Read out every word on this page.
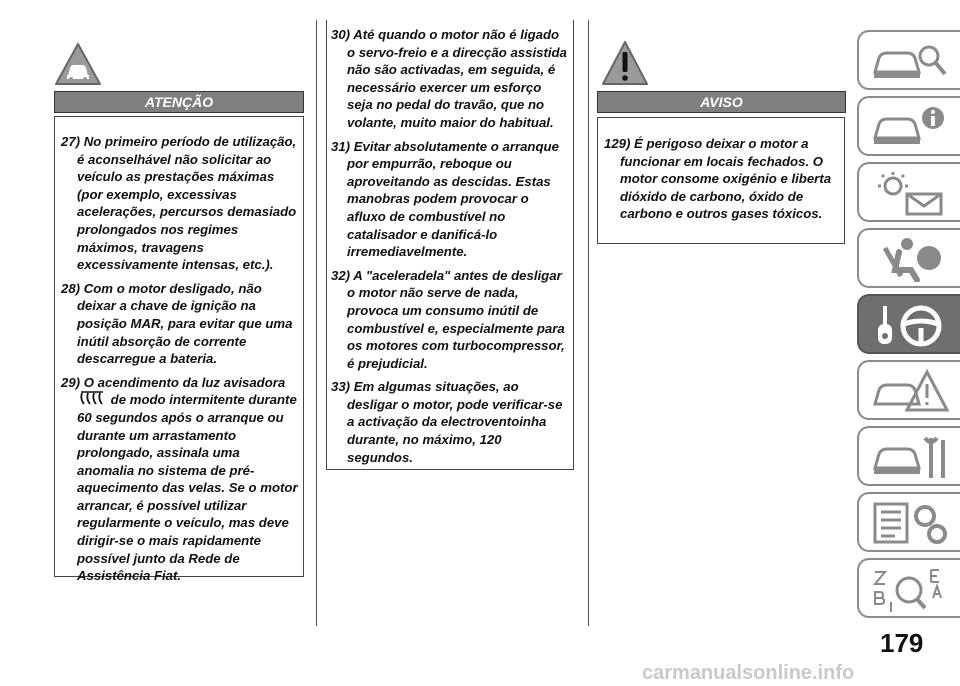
ATENÇÃO
27) No primeiro período de utilização, é aconselhável não solicitar ao veículo as prestações máximas (por exemplo, excessivas acelerações, percursos demasiado prolongados nos regimes máximos, travagens excessivamente intensas, etc.).
28) Com o motor desligado, não deixar a chave de ignição na posição MAR, para evitar que uma inútil absorção de corrente descarregue a bateria.
29) O acendimento da luz avisadora
de modo intermitente durante 60 segundos após o arranque ou durante um arrastamento prolongado, assinala uma anomalia no sistema de pré-aquecimento das velas. Se o motor arrancar, é possível utilizar regularmente o veículo, mas deve dirigir-se o mais rapidamente possível junto da Rede de Assistência Fiat.
30) Até quando o motor não é ligado o servo-freio e a direcção assistida não são activadas, em seguida, é necessário exercer um esforço seja no pedal do travão, que no volante, muito maior do habitual.
31) Evitar absolutamente o arranque por empurrão, reboque ou aproveitando as descidas. Estas manobras podem provocar o afluxo de combustível no catalisador e danificá-lo irremediavelmente.
32) A "aceleradela" antes de desligar o motor não serve de nada, provoca um consumo inútil de combustível e, especialmente para os motores com turbocompressor, é prejudicial.
33) Em algumas situações, ao desligar o motor, pode verificar-se a activação da electroventoinha durante, no máximo, 120 segundos.
AVISO
129) É perigoso deixar o motor a funcionar em locais fechados. O motor consome oxigénio e liberta dióxido de carbono, óxido de carbono e outros gases tóxicos.
179
carmanualsonline.info
